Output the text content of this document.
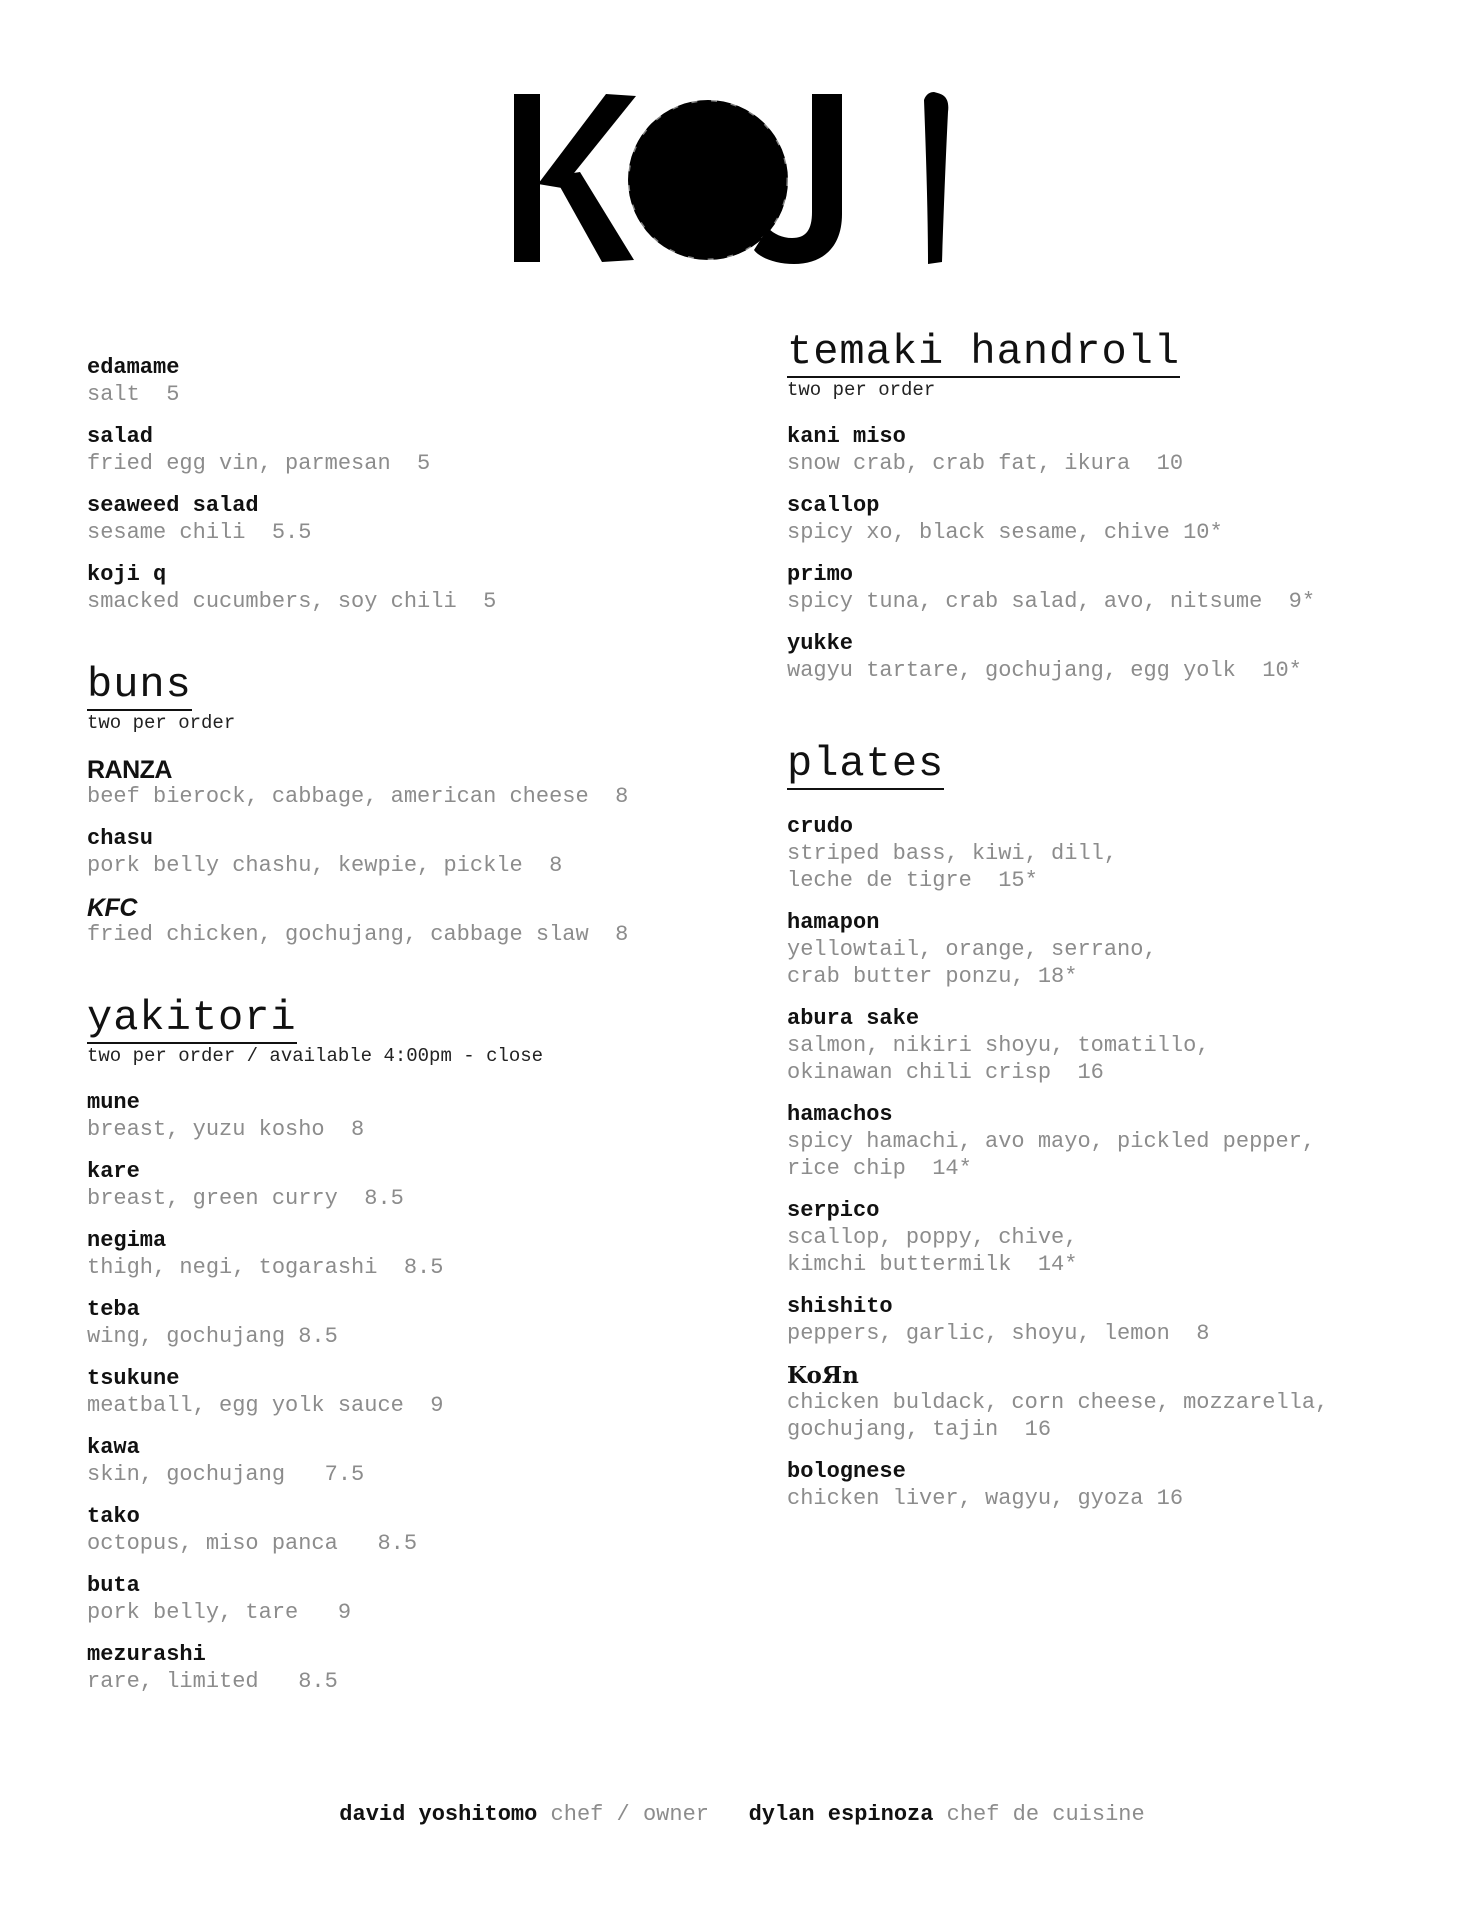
edamame
salt  5
salad
fried egg vin, parmesan  5
seaweed salad
sesame chili  5.5
koji q
smacked cucumbers, soy chili  5
buns
two per order
RANZA
beef bierock, cabbage, american cheese  8
chasu
pork belly chashu, kewpie, pickle  8
KFC
fried chicken, gochujang, cabbage slaw  8
yakitori
two per order / available 4:00pm - close
mune
breast, yuzu kosho  8
kare
breast, green curry  8.5
negima
thigh, negi, togarashi  8.5
teba
wing, gochujang 8.5
tsukune
meatball, egg yolk sauce  9
kawa
skin, gochujang   7.5
tako
octopus, miso panca   8.5
buta
pork belly, tare   9
mezurashi
rare, limited   8.5
temaki handroll
two per order
kani miso
snow crab, crab fat, ikura  10
scallop
spicy xo, black sesame, chive 10*
primo
spicy tuna, crab salad, avo, nitsume  9*
yukke
wagyu tartare, gochujang, egg yolk  10*
plates
crudo
striped bass, kiwi, dill,
leche de tigre  15*
hamapon
yellowtail, orange, serrano,
crab butter ponzu, 18*
abura sake
salmon, nikiri shoyu, tomatillo,
okinawan chili crisp  16
hamachos
spicy hamachi, avo mayo, pickled pepper,
rice chip  14*
serpico
scallop, poppy, chive,
kimchi buttermilk  14*
shishito
peppers, garlic, shoyu, lemon  8
KoЯn
chicken buldack, corn cheese, mozzarella,
gochujang, tajin  16
bolognese
chicken liver, wagyu, gyoza 16
david yoshitomo chef / owner dylan espinoza chef de cuisine
